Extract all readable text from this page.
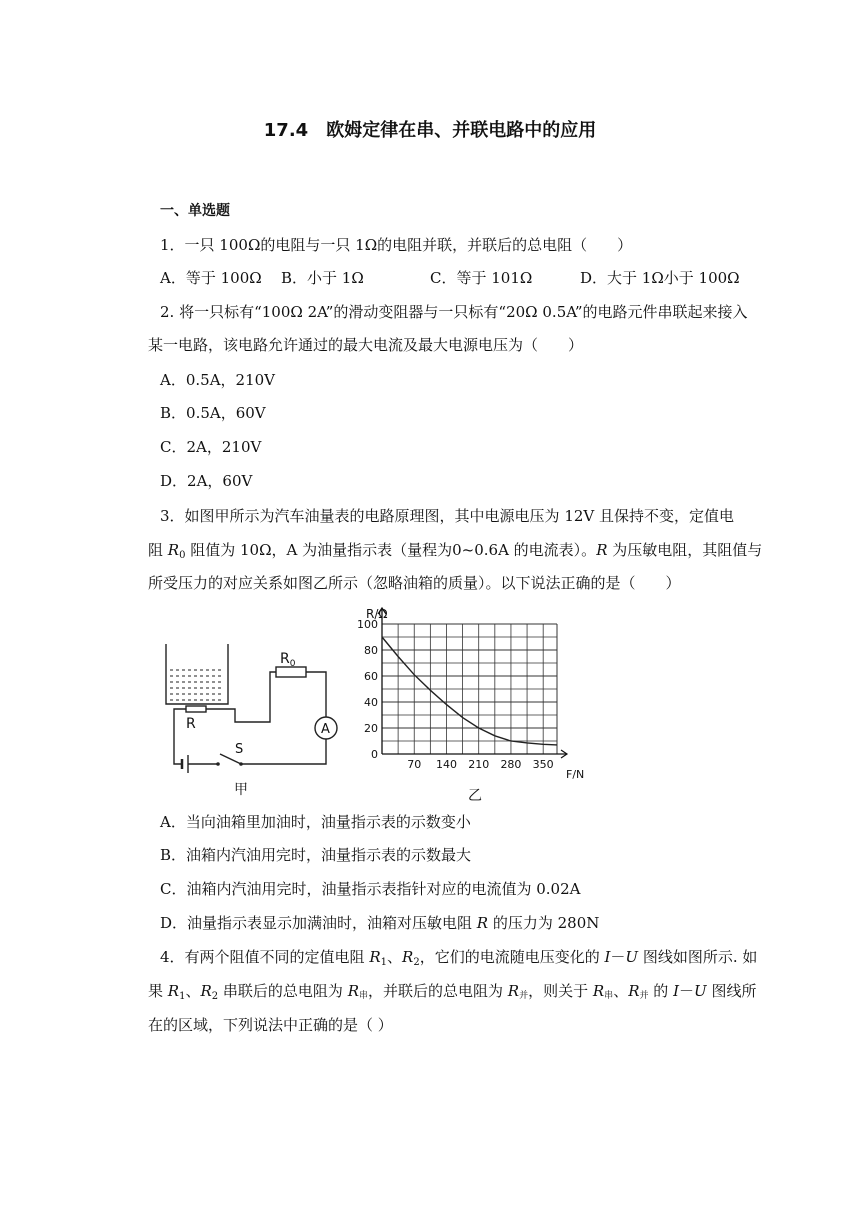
17.4　欧姆定律在串、并联电路中的应用
一、单选题
1．一只 100Ω的电阻与一只 1Ω的电阻并联，并联后的总电阻（　　）
A．等于 100Ω B．小于 1Ω	C．等于 101Ω	D．大于 1Ω小于 100Ω
2. 将一只标有“100Ω 2A”的滑动变阻器与一只标有“20Ω 0.5A”的电路元件串联起来接入
某一电路，该电路允许通过的最大电流及最大电源电压为（　　）
A．0.5A，210V
B．0.5A，60V
C．2A，210V
D．2A，60V
3．如图甲所示为汽车油量表的电路原理图，其中电源电压为 12V 且保持不变，定值电
阻 $R_0$ 阻值为 10Ω，A 为油量指示表（量程为0~0.6A 的电流表）。R 为压敏电阻，其阻值与
所受压力的对应关系如图乙所示（忽略油箱的质量）。以下说法正确的是（　　）
$R_0$
R	A
S
甲
0
20
40
60
80
100
70 140 210 280 350
R/Ω
F/N
乙
A．当向油箱里加油时，油量指示表的示数变小
B．油箱内汽油用完时，油量指示表的示数最大
C．油箱内汽油用完时，油量指示表指针对应的电流值为 0.02A
D．油量指示表显示加满油时，油箱对压敏电阻 R 的压力为 280N
4．有两个阻值不同的定值电阻 $R_1$、$R_2$，它们的电流随电压变化的 I－U 图线如图所示. 如
果 $R_1$、$R_2$ 串联后的总电阻为 $R_串$，并联后的总电阻为 $R_并$，则关于 $R_串$、$R_并$ 的 I－U 图线所
在的区域，下列说法中正确的是（ ）
